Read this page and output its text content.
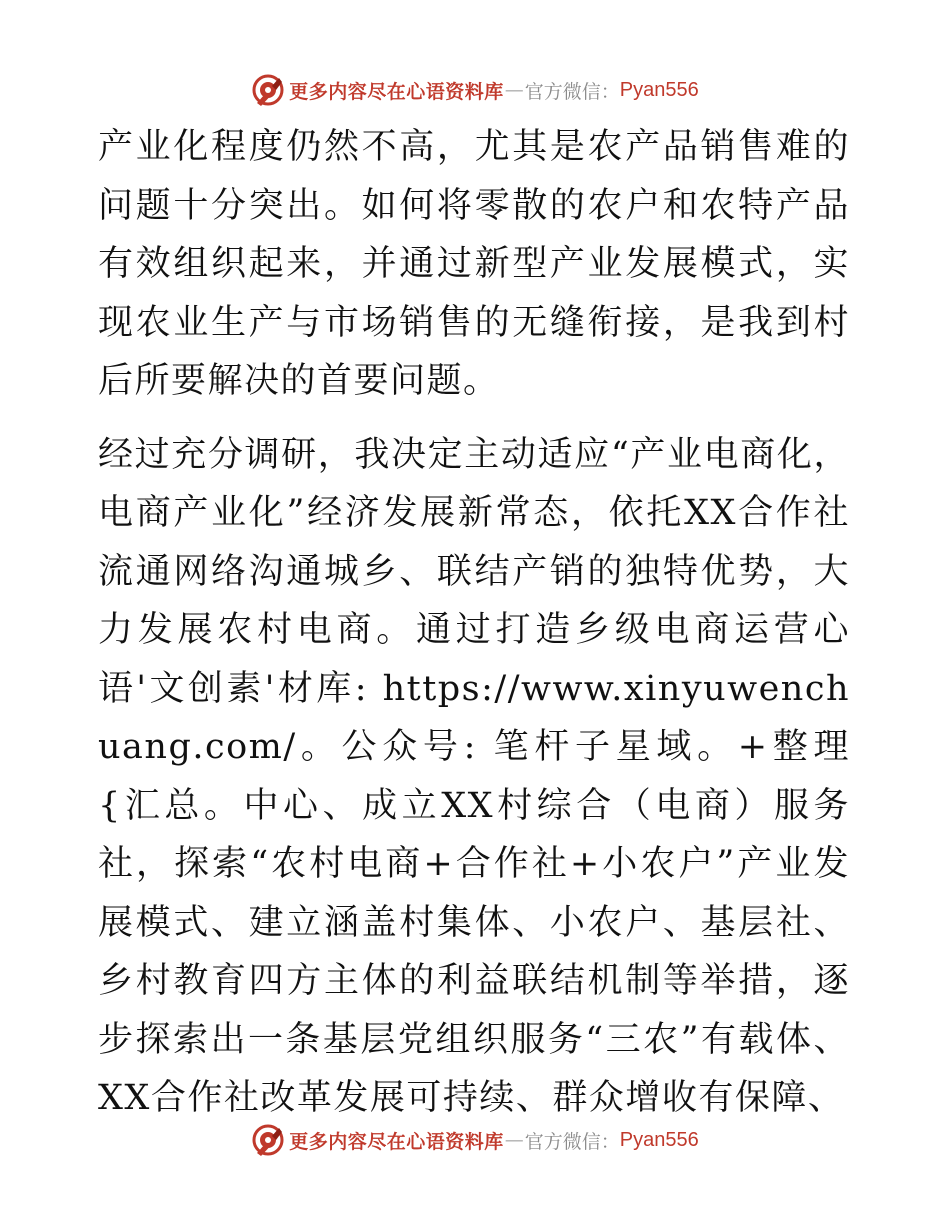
更多内容尽在心语资料库 — 官方微信： Pyan556

产业化程度仍然不高，尤其是农产品销售难的问题十分突出。如何将零散的农户和农特产品有效组织起来，并通过新型产业发展模式，实现农业生产与市场销售的无缝衔接，是我到村后所要解决的首要问题。

经过充分调研，我决定主动适应“产业电商化，电商产业化”经济发展新常态，依托XX合作社流通网络沟通城乡、联结产销的独特优势，大力发展农村电商。通过打造乡级电商运营心语'文创素'材库: https://www.xinyuwenchuang.com/。公众号: 笔杆子星域。+整理{汇总。中心、成立XX村综合（电商）服务社，探索“农村电商+合作社+小农户”产业发展模式、建立涵盖村集体、小农户、基层社、乡村教育四方主体的利益联结机制等举措，逐步探索出一条基层党组织服务“三农”有载体、XX合作社改革发展可持续、群众增收有保障、

更多内容尽在心语资料库 — 官方微信： Pyan556
